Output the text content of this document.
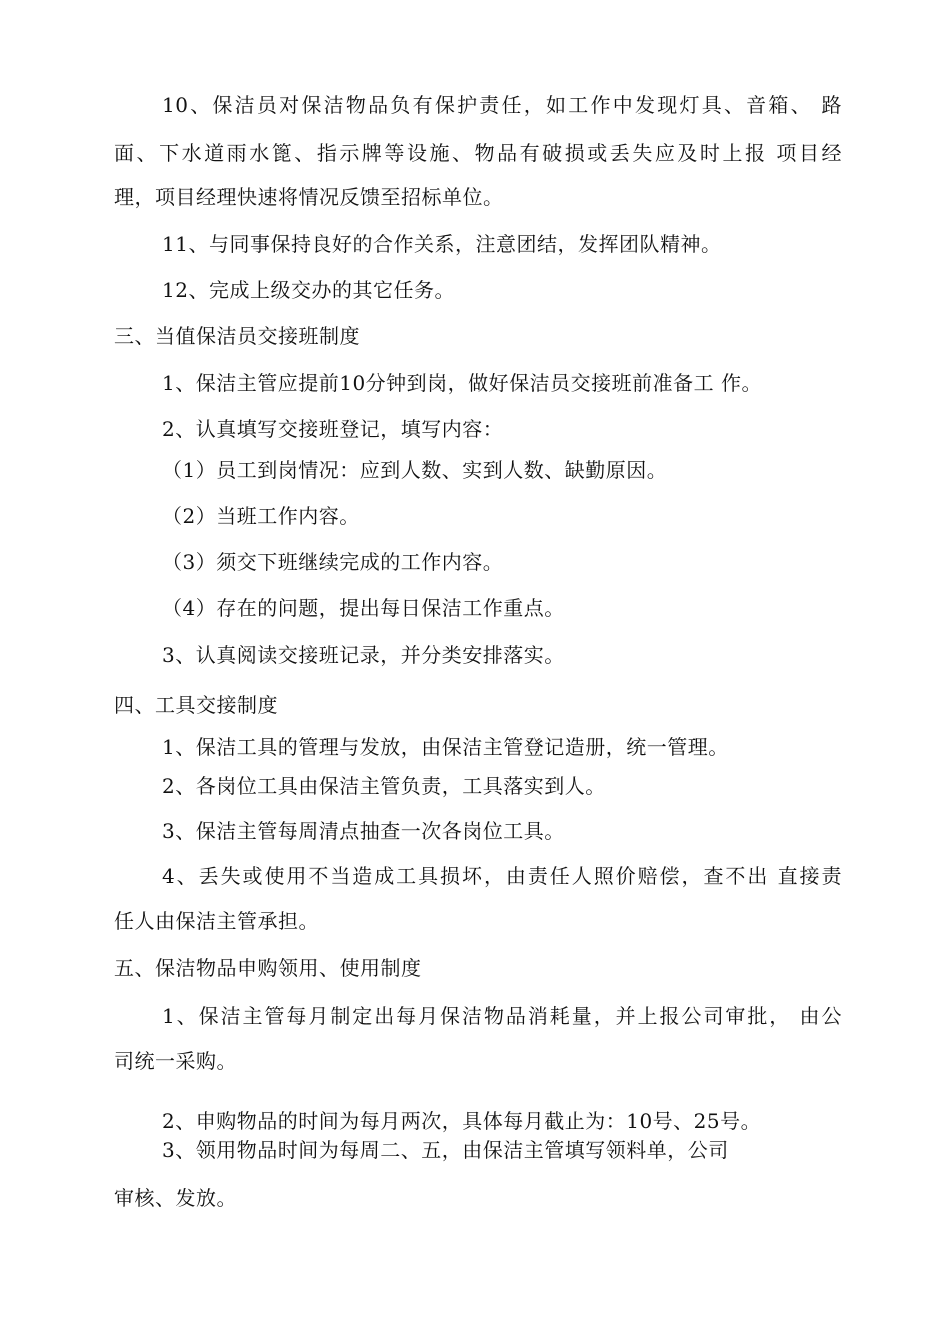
10、保洁员对保洁物品负有保护责任，如工作中发现灯具、音箱、 路
面、下水道雨水篦、指示牌等设施、物品有破损或丢失应及时上报 项目经
理，项目经理快速将情况反馈至招标单位。
11、与同事保持良好的合作关系，注意团结，发挥团队精神。
12、完成上级交办的其它任务。
三、当值保洁员交接班制度
1、保洁主管应提前10分钟到岗，做好保洁员交接班前准备工 作。
2、认真填写交接班登记，填写内容：
（1）员工到岗情况：应到人数、实到人数、缺勤原因。
（2）当班工作内容。
（3）须交下班继续完成的工作内容。
（4）存在的问题，提出每日保洁工作重点。
3、认真阅读交接班记录，并分类安排落实。
四、工具交接制度
1、保洁工具的管理与发放，由保洁主管登记造册，统一管理。
2、各岗位工具由保洁主管负责，工具落实到人。
3、保洁主管每周清点抽查一次各岗位工具。
4、丢失或使用不当造成工具损坏，由责任人照价赔偿，查不出 直接责
任人由保洁主管承担。
五、保洁物品申购领用、使用制度
1、保洁主管每月制定出每月保洁物品消耗量，并上报公司审批， 由公
司统一采购。
2、申购物品的时间为每月两次，具体每月截止为：10号、25号。
3、领用物品时间为每周二、五，由保洁主管填写领料单，公司
审核、发放。
